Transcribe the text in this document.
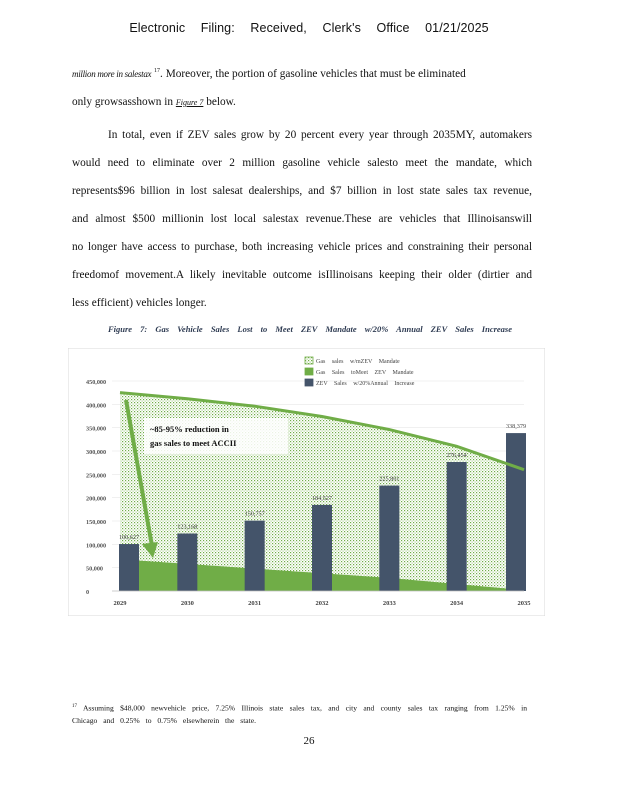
Electronic Filing: Received, Clerk's Office 01/21/2025
million more in salestax $^{17}$. Moreover, the portion of gasoline vehicles that must be eliminated
only growsasshown in Figure 7 below.
In total, even if ZEV sales grow by 20 percent every year through 2035MY, automakers
would need to eliminate over 2 million gasoline vehicle salesto meet the mandate, which
represents$96 billion in lost salesat dealerships, and $7 billion in lost state sales tax revenue,
and almost $500 millionin lost local salestax revenue.These are vehicles that Illinoisanswill
no longer have access to purchase, both increasing vehicle prices and constraining their personal
freedomof movement.A likely inevitable outcome isIllinoisans keeping their older (dirtier and
less efficient) vehicles longer.
Figure 7: Gas Vehicle Sales Lost to Meet ZEV Mandate w/20% Annual ZEV Sales Increase
0
50,000
100,000
150,000
200,000
250,000
300,000
350,000
400,000
450,000
100,627
123,168
150,757
184,527
225,861
276,454
338,379
~85-95% reduction in
gas sales to meet ACCII
2029	2030	2031	2032	2033	2034	2035
Gas sales w/mZEV Mandate
Gas Sales toMeet ZEV Mandate
ZEV Sales w/20%Annual Increase
$^{17}$ Assuming $48,000 newvehicle price, 7.25% Illinois state sales tax, and city and county sales tax ranging from 1.25% in Chicago and 0.25% to 0.75% elsewherein the state.
26
